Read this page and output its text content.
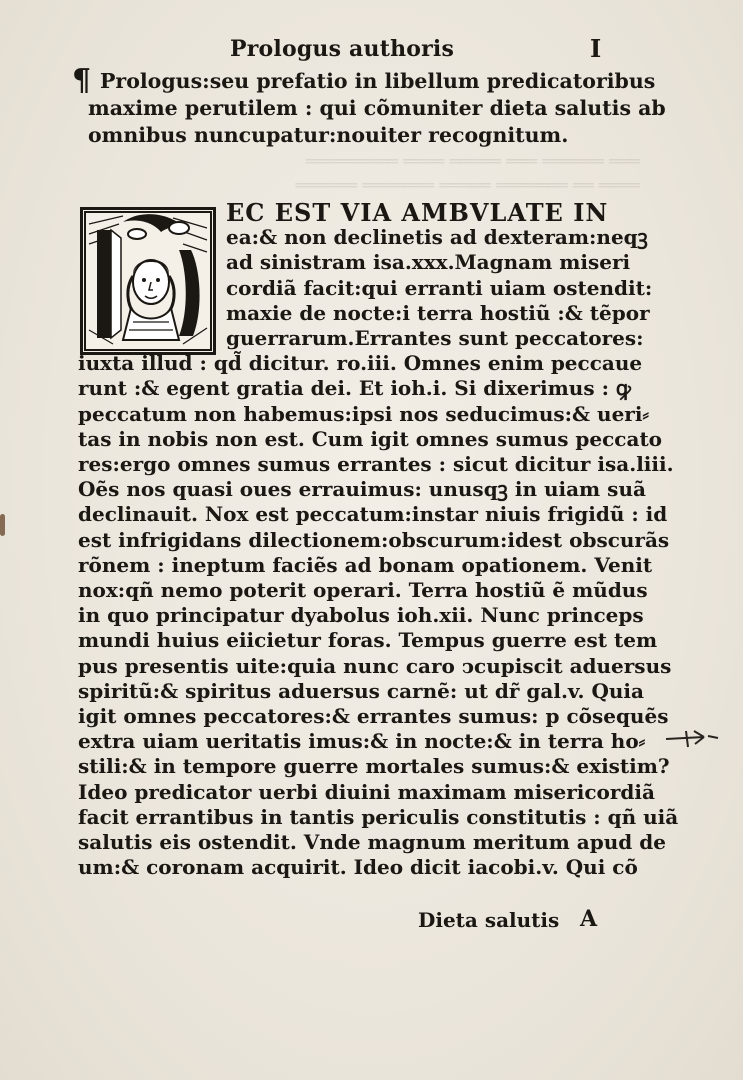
═══ ══════ ═══ ═════ ════ ═════════
════ ══ ═══════ ═════ ═══════ ══════
Prologus authoris	I
¶ Prologus:seu prefatio in libellum predicatoribus
maxime perutilem : qui cõmuniter dieta salutis ab
omnibus nuncupatur:nouiter recognitum.
EC EST VIA AMBVLATE IN
ea:& non declinetis ad dexteram:neqꝫ
ad sinistram isa.xxx.Magnam miseri
cordiã facit:qui erranti uiam ostendit:
maxie de nocte:i terra hostiũ :& tẽpor
guerrarum.Errantes sunt peccatores:
iuxta illud : qd̃ dicitur. ro.iii. Omnes enim peccaue
runt :& egent gratia dei. Et ioh.i. Si dixerimus : ꝙ
peccatum non habemus:ipsi nos seducimus:& ueri⸗
tas in nobis non est. Cum igit omnes sumus peccato
res:ergo omnes sumus errantes : sicut dicitur isa.liii.
Oẽs nos quasi oues errauimus: unusqꝫ in uiam suã
declinauit. Nox est peccatum:instar niuis frigidũ : id
est infrigidans dilectionem:obscurum:idest obscurãs
rõnem : ineptum faciẽs ad bonam opationem. Venit
nox:qñ nemo poterit operari. Terra hostiũ ẽ mũdus
in quo principatur dyabolus ioh.xii. Nunc princeps
mundi huius eiicietur foras. Tempus guerre est tem
pus presentis uite:quia nunc caro ↄcupiscit aduersus
spiritũ:& spiritus aduersus carnẽ: ut dr̃ gal.v. Quia
igit omnes peccatores:& errantes sumus: p cõsequẽs
extra uiam ueritatis imus:& in nocte:& in terra ho⸗
stili:& in tempore guerre mortales sumus:& existim?
Ideo predicator uerbi diuini maximam misericordiã
facit errantibus in tantis periculis constitutis : qñ uiã
salutis eis ostendit. Vnde magnum meritum apud de
um:& coronam acquirit. Ideo dicit iacobi.v. Qui cõ
Dieta salutis A
